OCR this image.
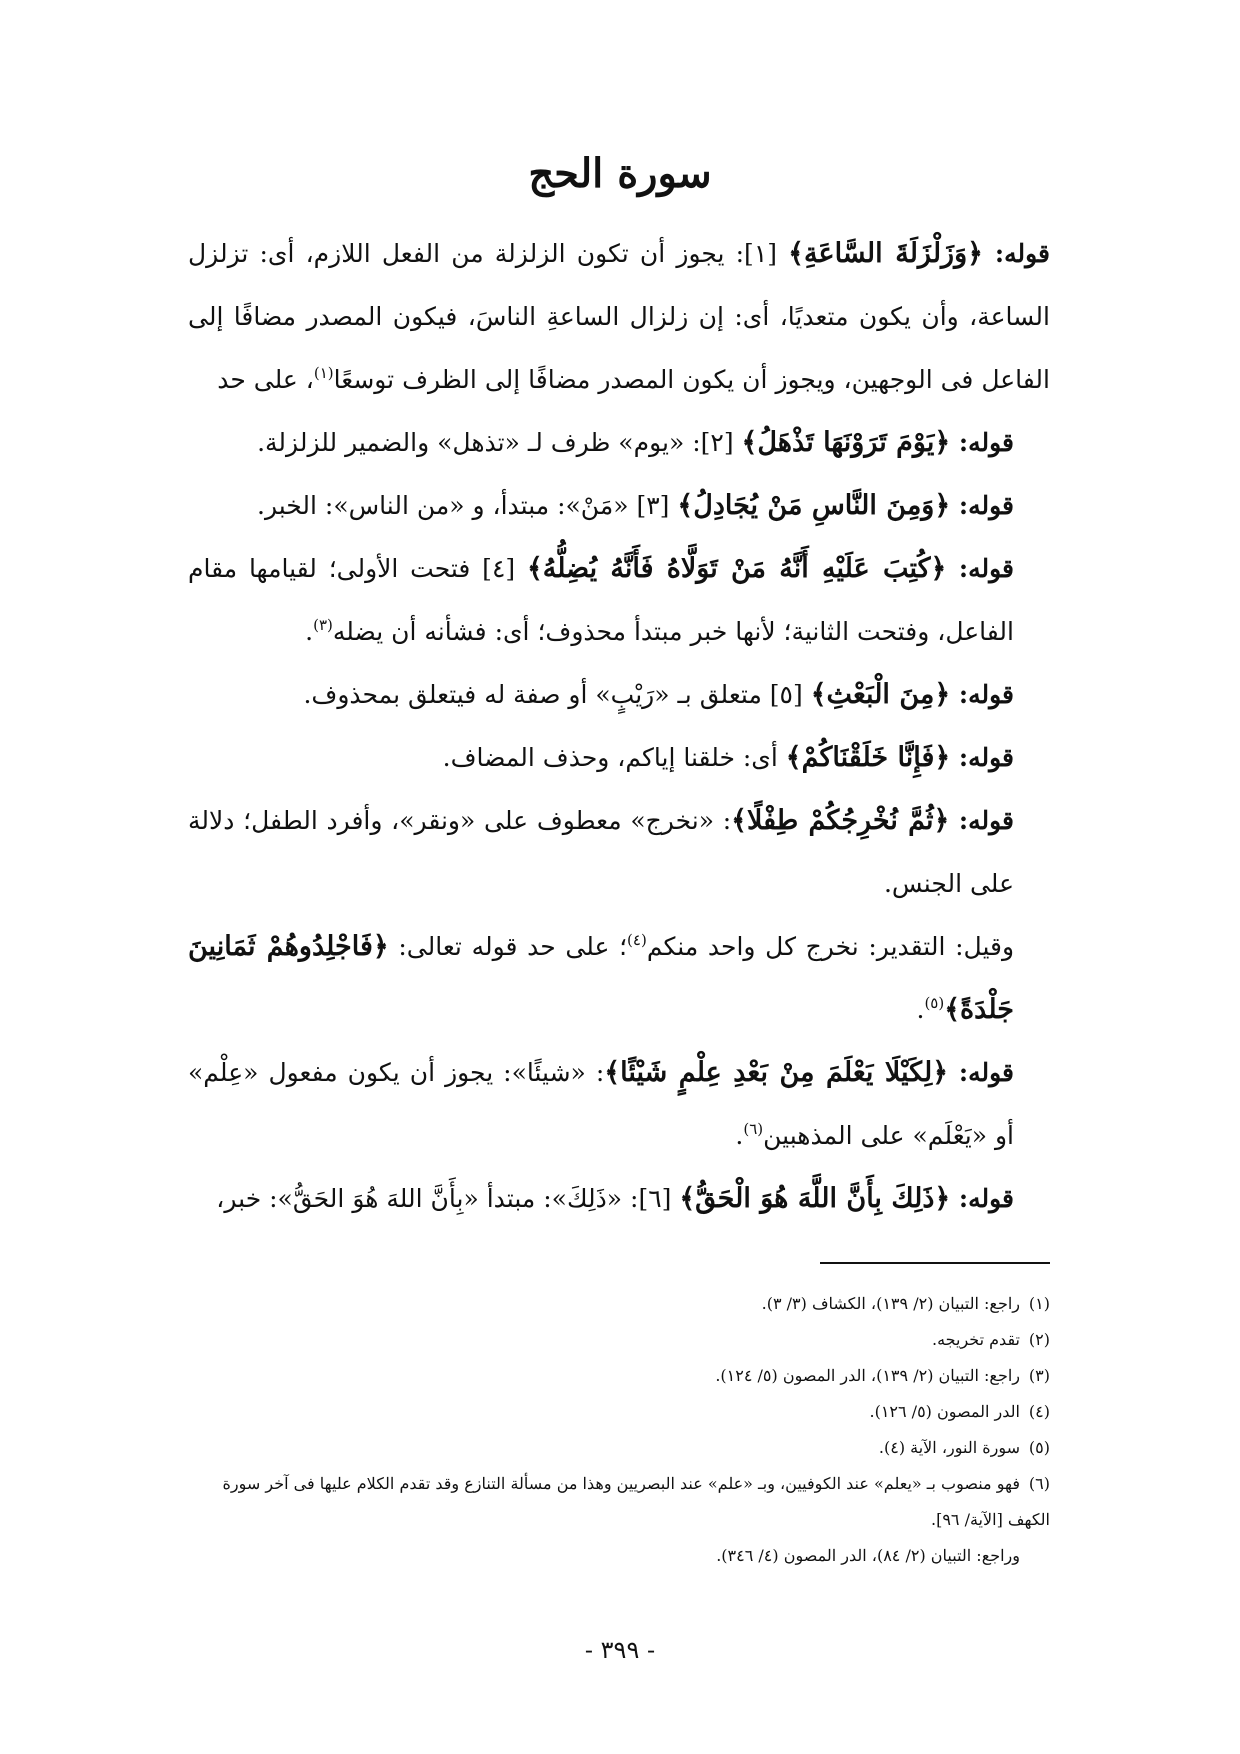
سورة الحج

قوله: ﴿وَزَلْزَلَةَ السَّاعَةِ﴾ [١]: يجوز أن تكون الزلزلة من الفعل اللازم، أى: تزلزل الساعة، وأن يكون متعديًا، أى: إن زلزال الساعةِ الناسَ، فيكون المصدر مضافًا إلى الفاعل فى الوجهين، ويجوز أن يكون المصدر مضافًا إلى الظرف توسعًا$^{(١)}$، على حد

قوله: ﴿يَوْمَ تَرَوْنَهَا تَذْهَلُ﴾ [٢]: «يوم» ظرف لـ «تذهل» والضمير للزلزلة.

قوله: ﴿وَمِنَ النَّاسِ مَنْ يُجَادِلُ﴾ [٣] «مَنْ»: مبتدأ، و «من الناس»: الخبر.

قوله: ﴿كُتِبَ عَلَيْهِ أَنَّهُ مَنْ تَوَلَّاهُ فَأَنَّهُ يُضِلُّهُ﴾ [٤] فتحت الأولى؛ لقيامها مقام الفاعل، وفتحت الثانية؛ لأنها خبر مبتدأ محذوف؛ أى: فشأنه أن يضله$^{(٣)}$.

قوله: ﴿مِنَ الْبَعْثِ﴾ [٥] متعلق بـ «رَيْبٍ» أو صفة له فيتعلق بمحذوف.

قوله: ﴿فَإِنَّا خَلَقْنَاكُمْ﴾ أى: خلقنا إياكم، وحذف المضاف.

قوله: ﴿ثُمَّ نُخْرِجُكُمْ طِفْلًا﴾: «نخرج» معطوف على «ونقر»، وأفرد الطفل؛ دلالة على الجنس.

وقيل: التقدير: نخرج كل واحد منكم$^{(٤)}$؛ على حد قوله تعالى: ﴿فَاجْلِدُوهُمْ ثَمَانِينَ جَلْدَةً﴾$^{(٥)}$.

قوله: ﴿لِكَيْلَا يَعْلَمَ مِنْ بَعْدِ عِلْمٍ شَيْئًا﴾: «شيئًا»: يجوز أن يكون مفعول «عِلْم» أو «يَعْلَم» على المذهبين$^{(٦)}$.

قوله: ﴿ذَلِكَ بِأَنَّ اللَّهَ هُوَ الْحَقُّ﴾ [٦]: «ذَلِكَ»: مبتدأ «بِأَنَّ اللهَ هُوَ الحَقُّ»: خبر،

(١)راجع: التبيان (٢/ ١٣٩)، الكشاف (٣/ ٣).

(٢)تقدم تخريجه.

(٣)راجع: التبيان (٢/ ١٣٩)، الدر المصون (٥/ ١٢٤).

(٤)الدر المصون (٥/ ١٢٦).

(٥)سورة النور، الآية (٤).

(٦)فهو منصوب بـ «يعلم» عند الكوفيين، وبـ «علم» عند البصريين وهذا من مسألة التنازع وقد تقدم الكلام عليها فى آخر سورة الكهف [الآية/ ٩٦].

وراجع: التبيان (٢/ ٨٤)، الدر المصون (٤/ ٣٤٦).

- ٣٩٩ -
